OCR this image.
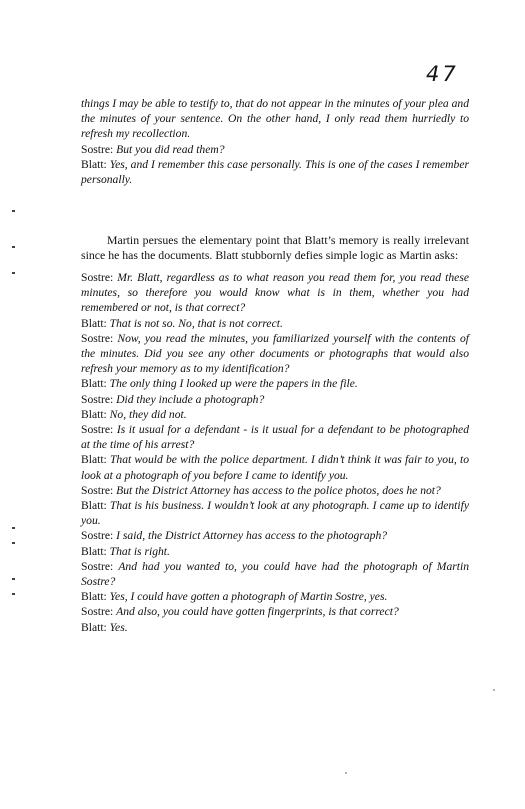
47

things I may be able to testify to, that do not appear in the minutes of your plea and the minutes of your sentence. On the other hand, I only read them hurriedly to refresh my recollection.

Sostre: But you did read them?

Blatt: Yes, and I remember this case personally. This is one of the cases I remember personally.

Martin persues the elementary point that Blatt’s memory is really irrelevant since he has the documents. Blatt stubbornly defies simple logic as Martin asks:

Sostre: Mr. Blatt, regardless as to what reason you read them for, you read these minutes, so therefore you would know what is in them, whether you had remembered or not, is that correct?

Blatt: That is not so. No, that is not correct.

Sostre: Now, you read the minutes, you familiarized yourself with the contents of the minutes. Did you see any other documents or photographs that would also refresh your memory as to my identification?

Blatt: The only thing I looked up were the papers in the file.

Sostre: Did they include a photograph?

Blatt: No, they did not.

Sostre: Is it usual for a defendant - is it usual for a defendant to be photographed at the time of his arrest?

Blatt: That would be with the police department. I didn’t think it was fair to you, to look at a photograph of you before I came to identify you.

Sostre: But the District Attorney has access to the police photos, does he not?

Blatt: That is his business. I wouldn’t look at any photograph. I came up to identify you.

Sostre: I said, the District Attorney has access to the photograph?

Blatt: That is right.

Sostre: And had you wanted to, you could have had the photograph of Martin Sostre?

Blatt: Yes, I could have gotten a photograph of Martin Sostre, yes.

Sostre: And also, you could have gotten fingerprints, is that correct?

Blatt: Yes.
